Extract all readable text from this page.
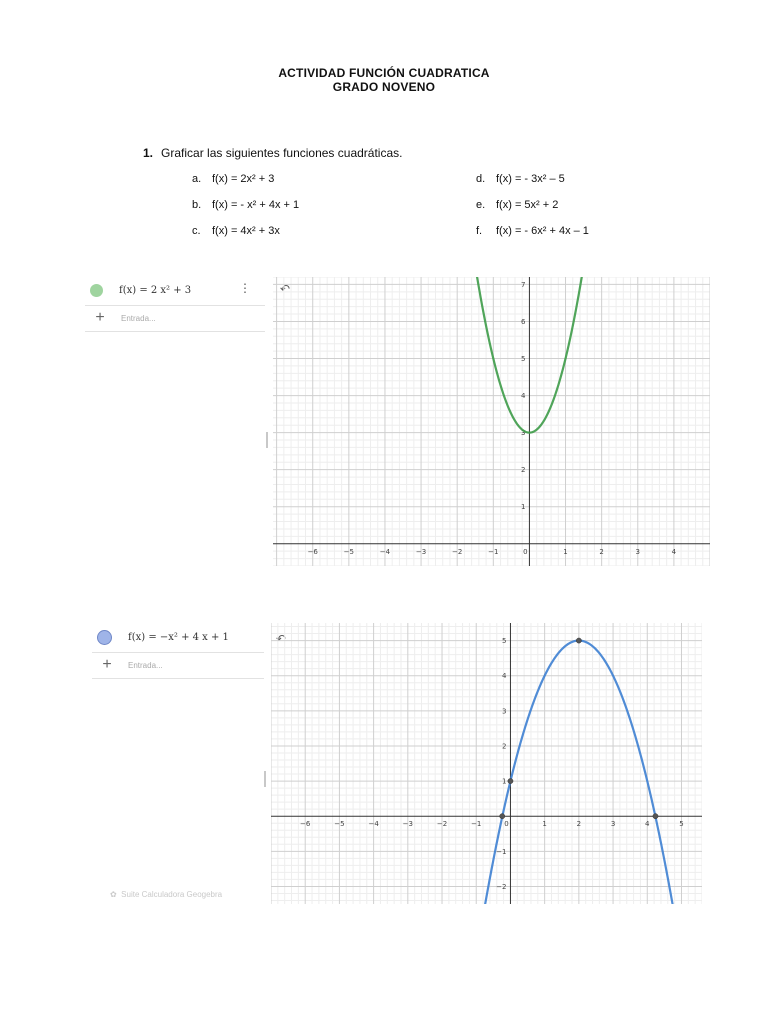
ACTIVIDAD FUNCIÓN CUADRATICA
GRADO NOVENO
1. Graficar las siguientes funciones cuadráticas.
a. f(x) = 2x² + 3
b. f(x) = - x² + 4x + 1
c. f(x) = 4x² + 3x
d. f(x) = - 3x² – 5
e. f(x) = 5x² + 2
f. f(x) = - 6x² + 4x – 1
f(x) = 2 x² + 3	⋮
+	Entrada...
↶
−6	−5	−4	−3	−2	−1	0	1	2	3	4
1
2
3
4
5
6
7
f(x) = −x² + 4 x + 1
+	Entrada...
✿  Suite Calculadora Geogebra
↶
−6	−5	−4	−3	−2	−1	0	1	2	3	4	5
−2
−1
1
2
3
4
5
